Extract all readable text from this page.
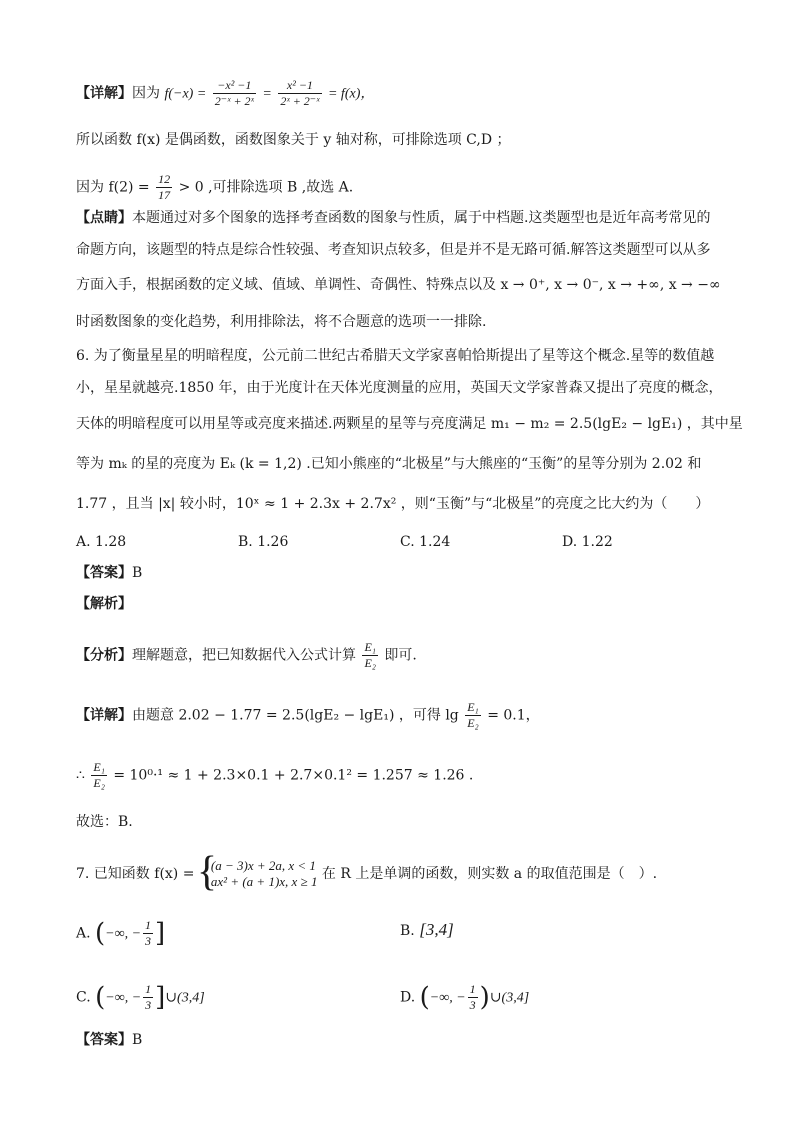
【详解】因为 $f(-x) = \frac{\text{−x² −1}}{\text{2⁻ˣ + 2ˣ}} = \frac{\text{x² −1}}{\text{2ˣ + 2⁻ˣ}} = f(x)$，
所以函数 f(x) 是偶函数，函数图象关于 y 轴对称，可排除选项 C,D ；
因为 $f(2) = \frac{12}{17} > 0$ ,可排除选项 B ,故选 A.
【点睛】本题通过对多个图象的选择考查函数的图象与性质，属于中档题.这类题型也是近年高考常见的
命题方向，该题型的特点是综合性较强、考查知识点较多，但是并不是无路可循.解答这类题型可以从多
方面入手，根据函数的定义域、值域、单调性、奇偶性、特殊点以及 x → 0⁺, x → 0⁻, x → +∞, x → −∞
时函数图象的变化趋势，利用排除法，将不合题意的选项一一排除.
6. 为了衡量星星的明暗程度，公元前二世纪古希腊天文学家喜帕恰斯提出了星等这个概念.星等的数值越
小，星星就越亮.1850 年，由于光度计在天体光度测量的应用，英国天文学家普森又提出了亮度的概念，
天体的明暗程度可以用星等或亮度来描述.两颗星的星等与亮度满足 m₁ − m₂ = 2.5(lgE₂ − lgE₁) ，其中星
等为 mₖ 的星的亮度为 Eₖ (k = 1,2) .已知小熊座的“北极星”与大熊座的“玉衡”的星等分别为 2.02 和
1.77 ，且当 |x| 较小时，10ˣ ≈ 1 + 2.3x + 2.7x² ，则“玉衡”与“北极星”的亮度之比大约为（　　）
A. 1.28	B. 1.26	C. 1.24	D. 1.22
【答案】B
【解析】
【分析】理解题意，把已知数据代入公式计算 $\frac{\text{E₁}}{\text{E₂}}$ 即可.
【详解】由题意 2.02 − 1.77 = 2.5(lgE₂ − lgE₁) ，可得 $\lg \frac{\text{E₁}}{\text{E₂}} = 0.1$，
∴ $\frac{\text{E₁}}{\text{E₂}} = 10^0\cdot^1 \approx 1 + 2.3\times 0.1 + 2.7\times 0.1^2 = 1.257 \approx 1.26$ .
故选：B.
7. 已知函数 f(x) =
{ (a − 3)x + 2a, x < 1
ax² + (a + 1)x, x ≥ 1 在 R 上是单调的函数，则实数 a 的取值范围是（　）.
A. (−∞, − $\frac{1}{3}$ ]	B. [3,4]
C. (−∞, − $\frac{1}{3}$ ]∪(3,4]	D. (−∞, − $\frac{1}{3}$ )∪(3,4]
【答案】B
